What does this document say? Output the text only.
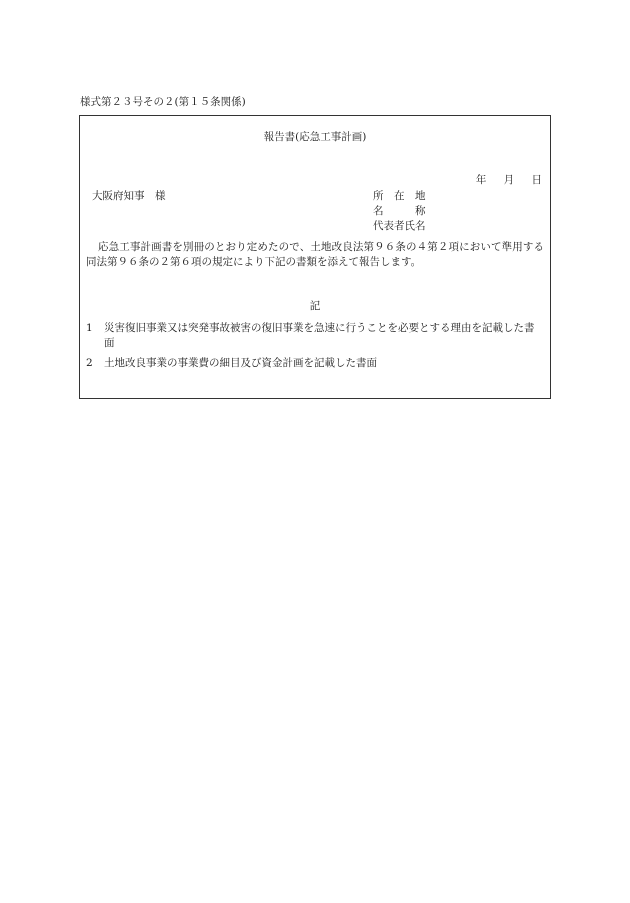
様式第２３号その２(第１５条関係)
報告書(応急工事計画)
年 月 日
大阪府知事　様	所　在　地
名　　　称
代表者氏名
応急工事計画書を別冊のとおり定めたので、土地改良法第９６条の４第２項において準用する同法第９６条の２第６項の規定により下記の書類を添えて報告します。
記
1	災害復旧事業又は突発事故被害の復旧事業を急速に行うことを必要とする理由を記載した書面
2	土地改良事業の事業費の細目及び資金計画を記載した書面
